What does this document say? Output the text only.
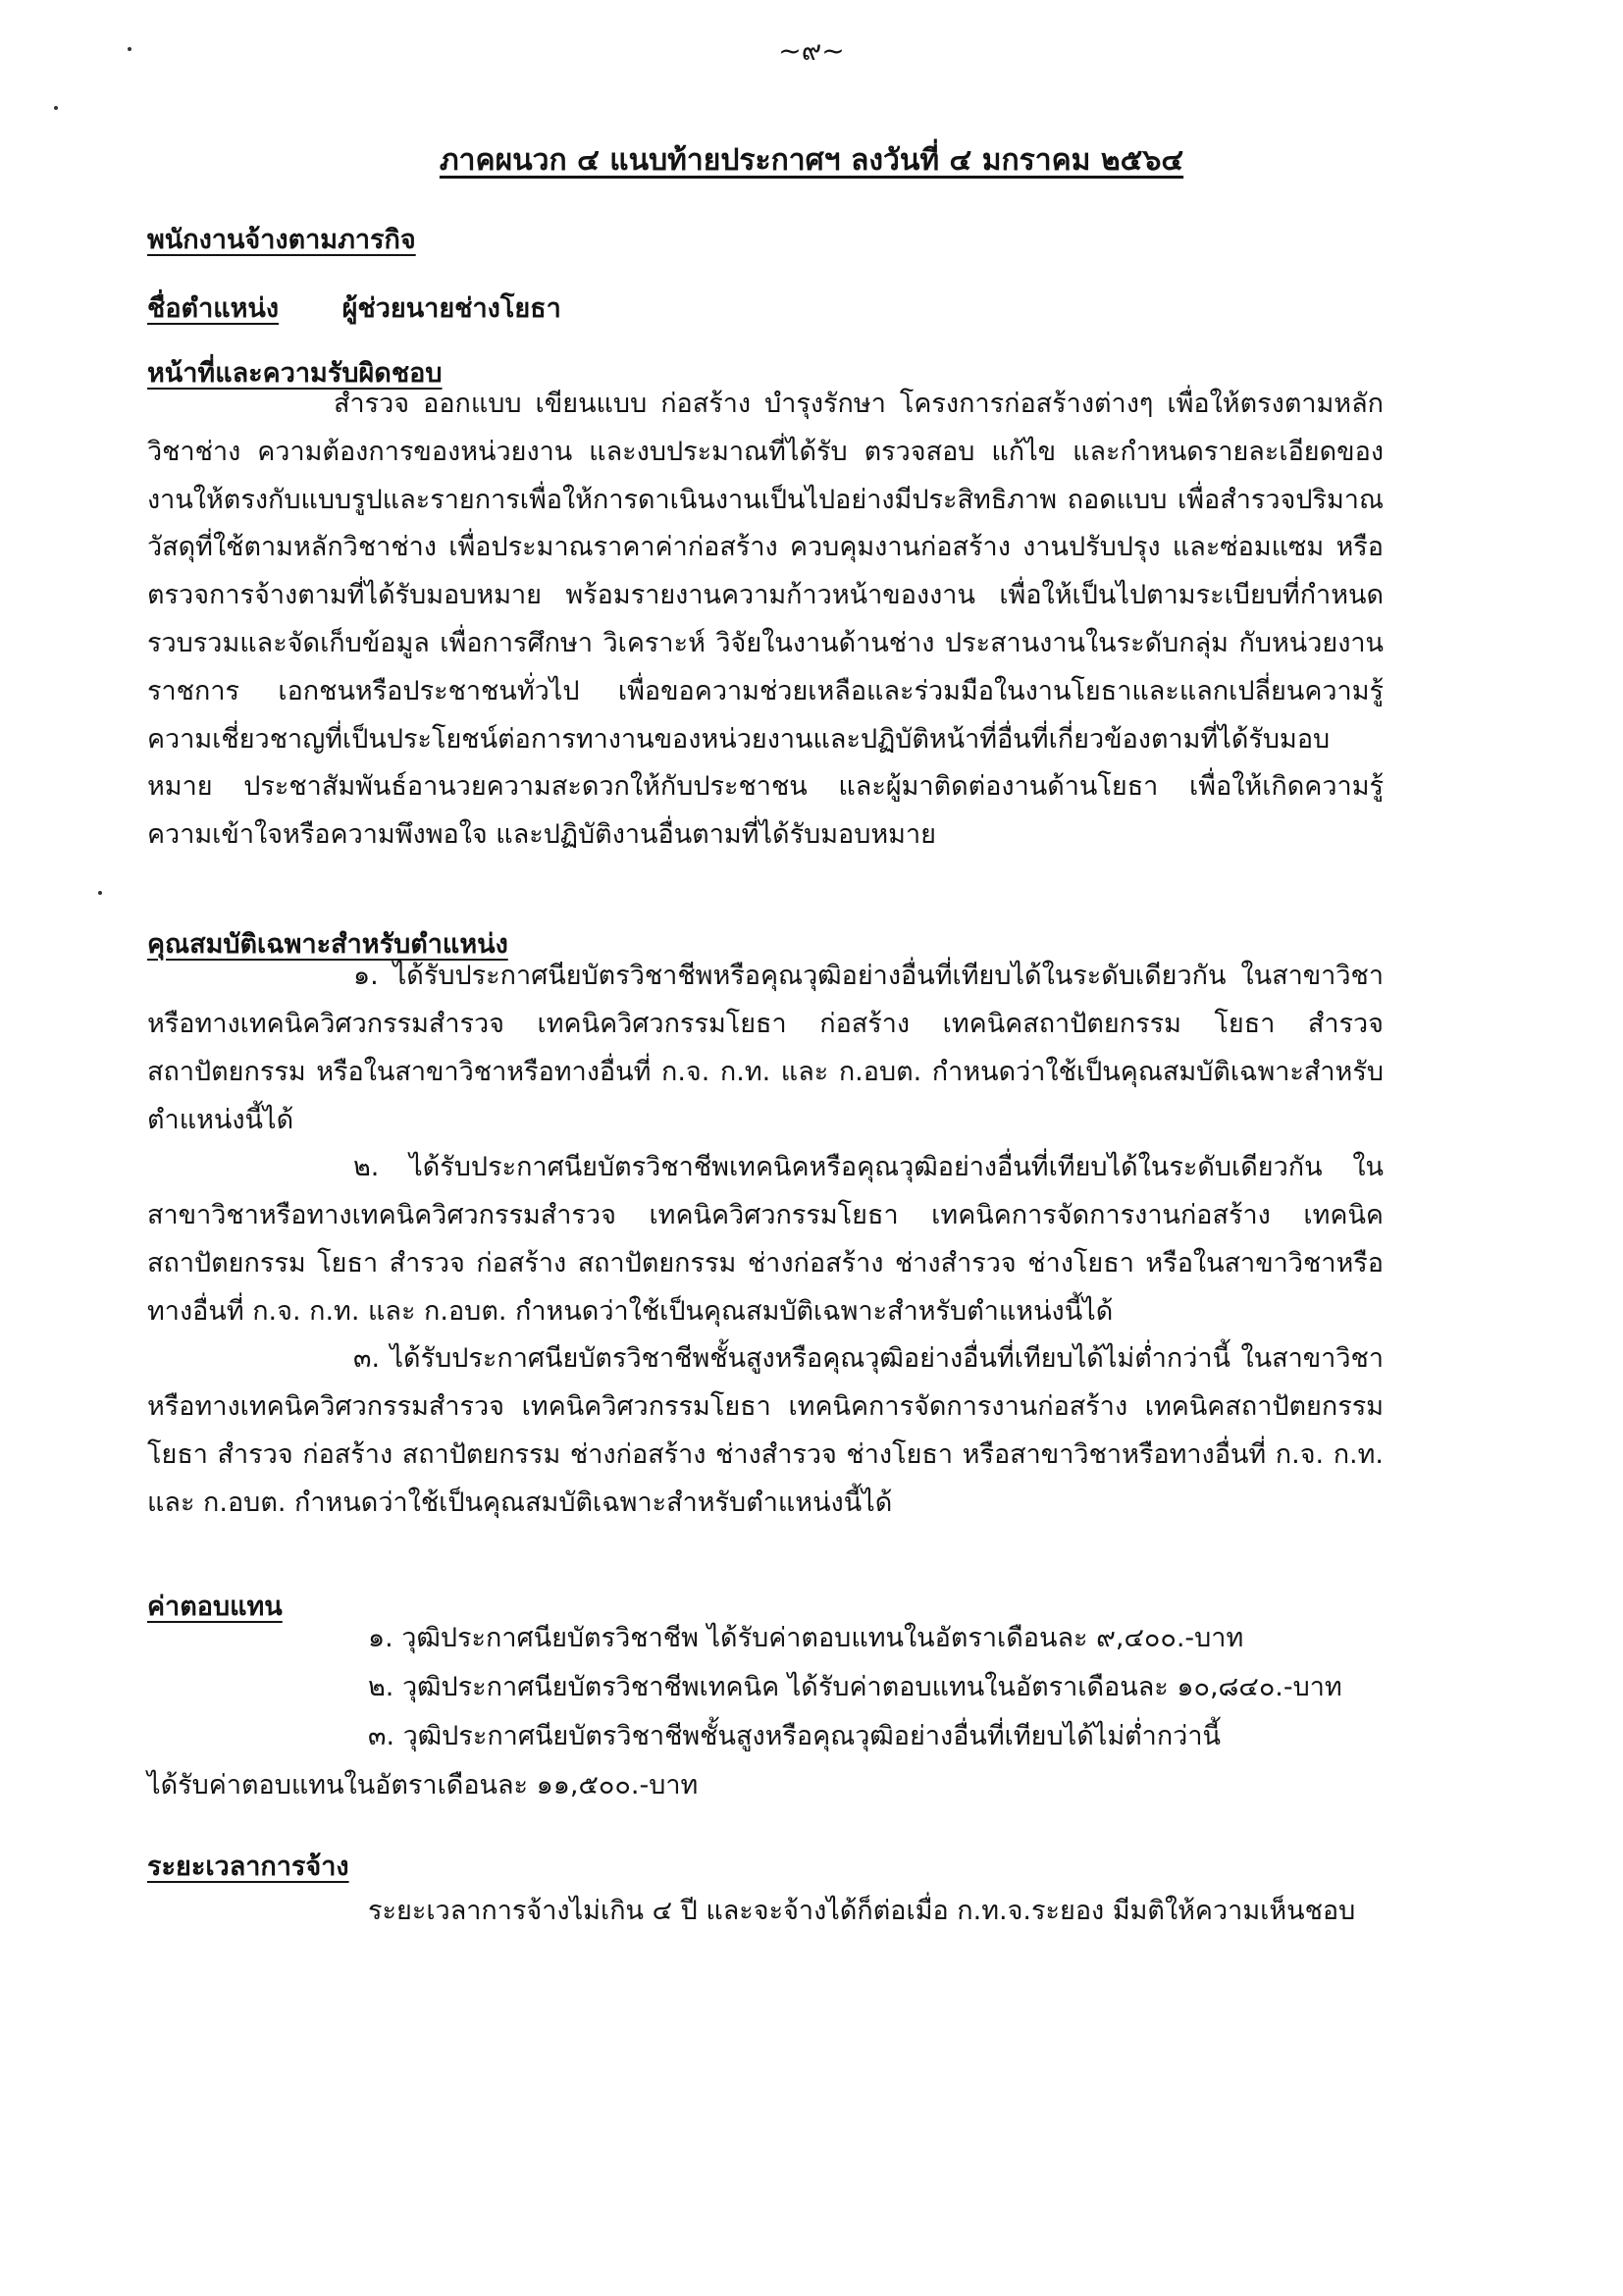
~๙~
ภาคผนวก ๔ แนบท้ายประกาศฯ ลงวันที่ ๔ มกราคม ๒๕๖๔
พนักงานจ้างตามภารกิจ
ชื่อตำแหน่ง ผู้ช่วยนายช่างโยธา
หน้าที่และความรับผิดชอบ
สำรวจ ออกแบบ เขียนแบบ ก่อสร้าง บำรุงรักษา โครงการก่อสร้างต่างๆ เพื่อให้ตรงตามหลักวิชาช่าง ความต้องการของหน่วยงาน และงบประมาณที่ได้รับ ตรวจสอบ แก้ไข และกำหนดรายละเอียดของงานให้ตรงกับแบบรูปและรายการเพื่อให้การดาเนินงานเป็นไปอย่างมีประสิทธิภาพ ถอดแบบ เพื่อสำรวจปริมาณวัสดุที่ใช้ตามหลักวิชาช่าง เพื่อประมาณราคาค่าก่อสร้าง ควบคุมงานก่อสร้าง งานปรับปรุง และซ่อมแซม หรือตรวจการจ้างตามที่ได้รับมอบหมาย พร้อมรายงานความก้าวหน้าของงาน เพื่อให้เป็นไปตามระเบียบที่กำหนด รวบรวมและจัดเก็บข้อมูล เพื่อการศึกษา วิเคราะห์ วิจัยในงานด้านช่าง ประสานงานในระดับกลุ่ม กับหน่วยงานราชการ เอกชนหรือประชาชนทั่วไป เพื่อขอความช่วยเหลือและร่วมมือในงานโยธาและแลกเปลี่ยนความรู้ความเชี่ยวชาญที่เป็นประโยชน์ต่อการทางานของหน่วยงานและปฏิบัติหน้าที่อื่นที่เกี่ยวข้องตามที่ได้รับมอบหมาย ประชาสัมพันธ์อานวยความสะดวกให้กับประชาชน และผู้มาติดต่องานด้านโยธา เพื่อให้เกิดความรู้ ความเข้าใจหรือความพึงพอใจ และปฏิบัติงานอื่นตามที่ได้รับมอบหมาย
คุณสมบัติเฉพาะสำหรับตำแหน่ง
๑. ได้รับประกาศนียบัตรวิชาชีพหรือคุณวุฒิอย่างอื่นที่เทียบได้ในระดับเดียวกัน ในสาขาวิชาหรือทางเทคนิควิศวกรรมสำรวจ เทคนิควิศวกรรมโยธา ก่อสร้าง เทคนิคสถาปัตยกรรม โยธา สำรวจ สถาปัตยกรรม หรือในสาขาวิชาหรือทางอื่นที่ ก.จ. ก.ท. และ ก.อบต. กำหนดว่าใช้เป็นคุณสมบัติเฉพาะสำหรับตำแหน่งนี้ได้
๒. ได้รับประกาศนียบัตรวิชาชีพเทคนิคหรือคุณวุฒิอย่างอื่นที่เทียบได้ในระดับเดียวกัน ในสาขาวิชาหรือทางเทคนิควิศวกรรมสำรวจ เทคนิควิศวกรรมโยธา เทคนิคการจัดการงานก่อสร้าง เทคนิคสถาปัตยกรรม โยธา สำรวจ ก่อสร้าง สถาปัตยกรรม ช่างก่อสร้าง ช่างสำรวจ ช่างโยธา หรือในสาขาวิชาหรือทางอื่นที่ ก.จ. ก.ท. และ ก.อบต. กำหนดว่าใช้เป็นคุณสมบัติเฉพาะสำหรับตำแหน่งนี้ได้
๓. ได้รับประกาศนียบัตรวิชาชีพชั้นสูงหรือคุณวุฒิอย่างอื่นที่เทียบได้ไม่ต่ำกว่านี้ ในสาขาวิชาหรือทางเทคนิควิศวกรรมสำรวจ เทคนิควิศวกรรมโยธา เทคนิคการจัดการงานก่อสร้าง เทคนิคสถาปัตยกรรม โยธา สำรวจ ก่อสร้าง สถาปัตยกรรม ช่างก่อสร้าง ช่างสำรวจ ช่างโยธา หรือสาขาวิชาหรือทางอื่นที่ ก.จ. ก.ท. และ ก.อบต. กำหนดว่าใช้เป็นคุณสมบัติเฉพาะสำหรับตำแหน่งนี้ได้
ค่าตอบแทน
๑. วุฒิประกาศนียบัตรวิชาชีพ ได้รับค่าตอบแทนในอัตราเดือนละ ๙,๔๐๐.-บาท
๒. วุฒิประกาศนียบัตรวิชาชีพเทคนิค ได้รับค่าตอบแทนในอัตราเดือนละ ๑๐,๘๔๐.-บาท
๓. วุฒิประกาศนียบัตรวิชาชีพชั้นสูงหรือคุณวุฒิอย่างอื่นที่เทียบได้ไม่ต่ำกว่านี้
ได้รับค่าตอบแทนในอัตราเดือนละ ๑๑,๕๐๐.-บาท
ระยะเวลาการจ้าง
ระยะเวลาการจ้างไม่เกิน ๔ ปี และจะจ้างได้ก็ต่อเมื่อ ก.ท.จ.ระยอง มีมติให้ความเห็นชอบ
